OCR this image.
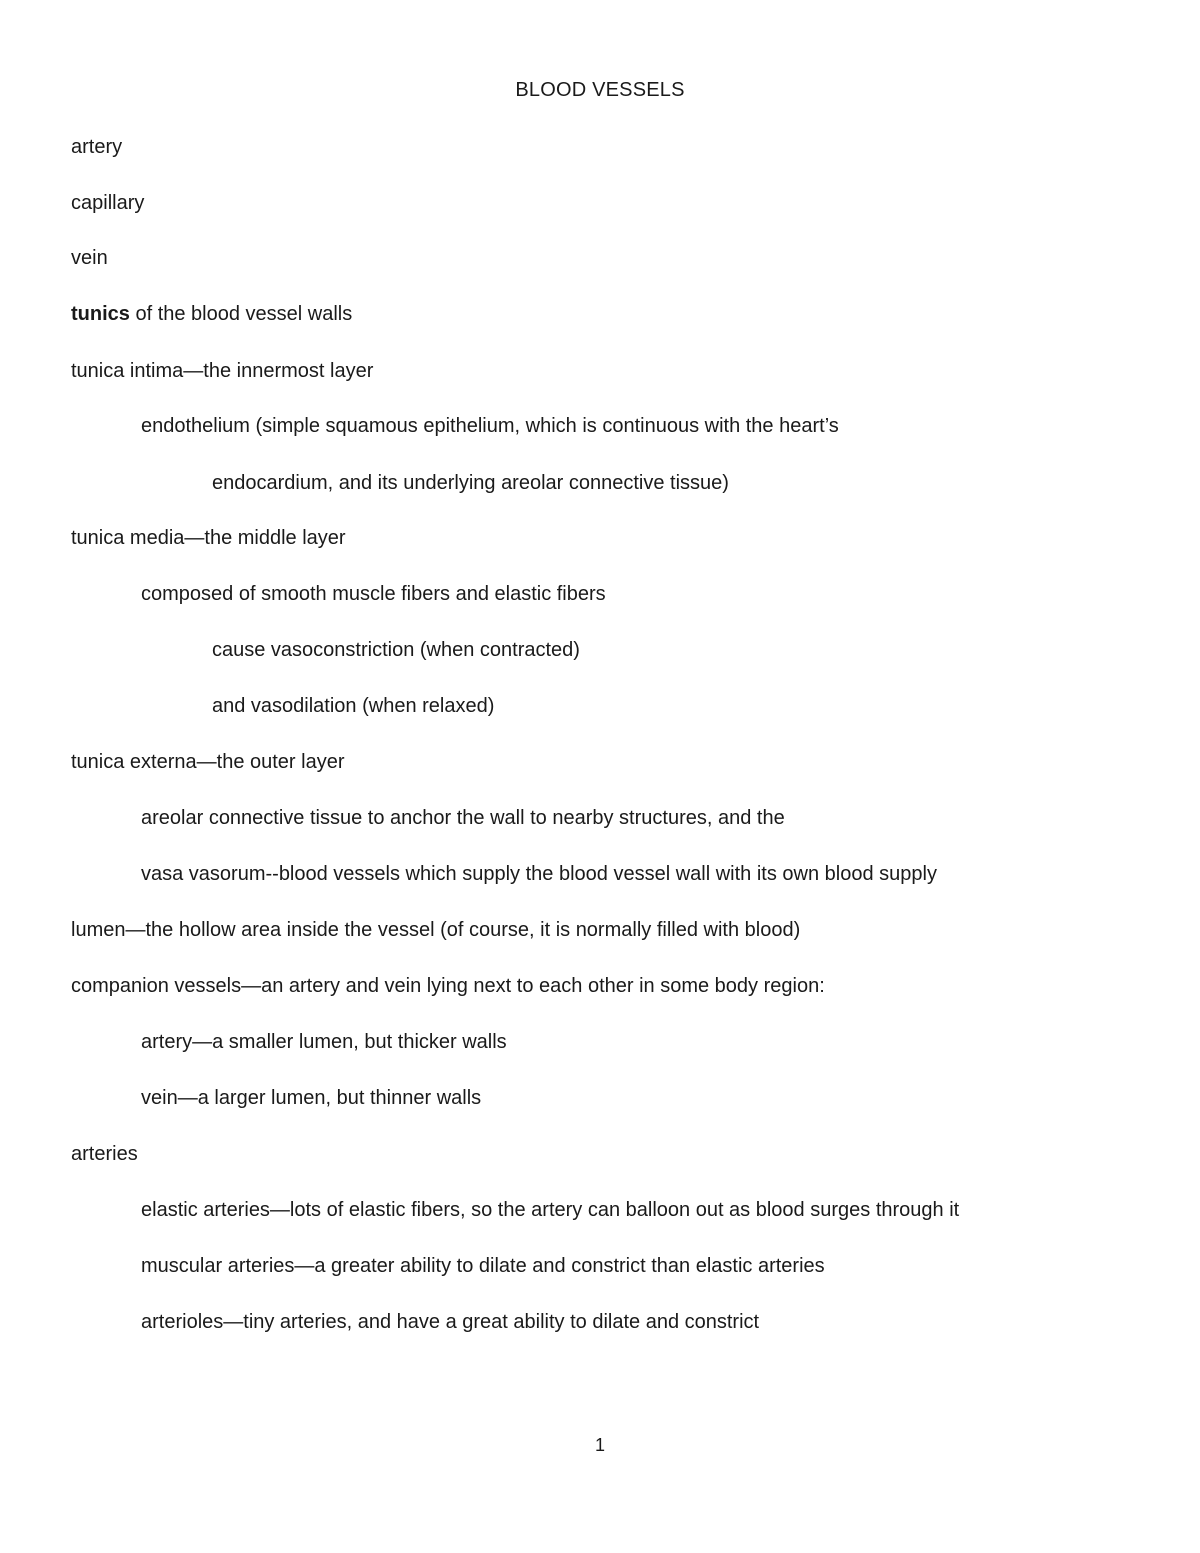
BLOOD VESSELS
artery
capillary
vein
tunics of the blood vessel walls
tunica intima—the innermost layer
endothelium (simple squamous epithelium, which is continuous with the heart’s
endocardium, and its underlying areolar connective tissue)
tunica media—the middle layer
composed of smooth muscle fibers and elastic fibers
cause vasoconstriction (when contracted)
and vasodilation (when relaxed)
tunica externa—the outer layer
areolar connective tissue to anchor the wall to nearby structures, and the
vasa vasorum--blood vessels which supply the blood vessel wall with its own blood supply
lumen—the hollow area inside the vessel (of course, it is normally filled with blood)
companion vessels—an artery and vein lying next to each other in some body region:
artery—a smaller lumen, but thicker walls
vein—a larger lumen, but thinner walls
arteries
elastic arteries—lots of elastic fibers, so the artery can balloon out as blood surges through it
muscular arteries—a greater ability to dilate and constrict than elastic arteries
arterioles—tiny arteries, and have a great ability to dilate and constrict
1
